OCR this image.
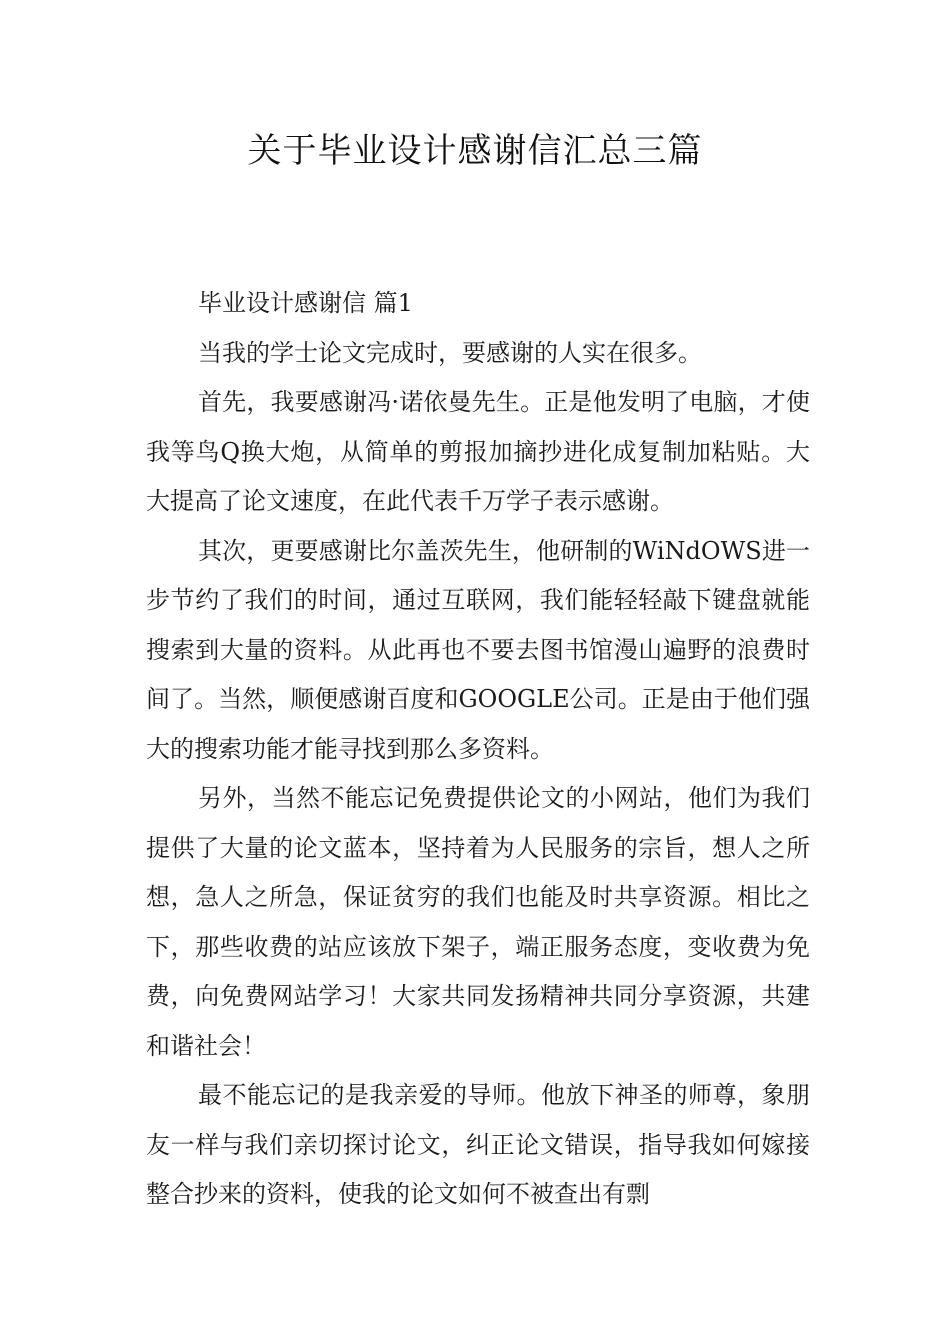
关于毕业设计感谢信汇总三篇

毕业设计感谢信 篇1

当我的学士论文完成时，要感谢的人实在很多。

首先，我要感谢冯·诺依曼先生。正是他发明了电脑，才使我等鸟Q换大炮，从简单的剪报加摘抄进化成复制加粘贴。大大提高了论文速度，在此代表千万学子表示感谢。

其次，更要感谢比尔盖茨先生，他研制的WiNdOWS进一步节约了我们的时间，通过互联网，我们能轻轻敲下键盘就能搜索到大量的资料。从此再也不要去图书馆漫山遍野的浪费时间了。当然，顺便感谢百度和GOOGLE公司。正是由于他们强大的搜索功能才能寻找到那么多资料。

另外，当然不能忘记免费提供论文的小网站，他们为我们提供了大量的论文蓝本，坚持着为人民服务的宗旨，想人之所想，急人之所急，保证贫穷的我们也能及时共享资源。相比之下，那些收费的站应该放下架子，端正服务态度，变收费为免费，向免费网站学习！大家共同发扬精神共同分享资源，共建和谐社会！

最不能忘记的是我亲爱的导师。他放下神圣的师尊，象朋友一样与我们亲切探讨论文，纠正论文错误，指导我如何嫁接整合抄来的资料，使我的论文如何不被查出有剽
